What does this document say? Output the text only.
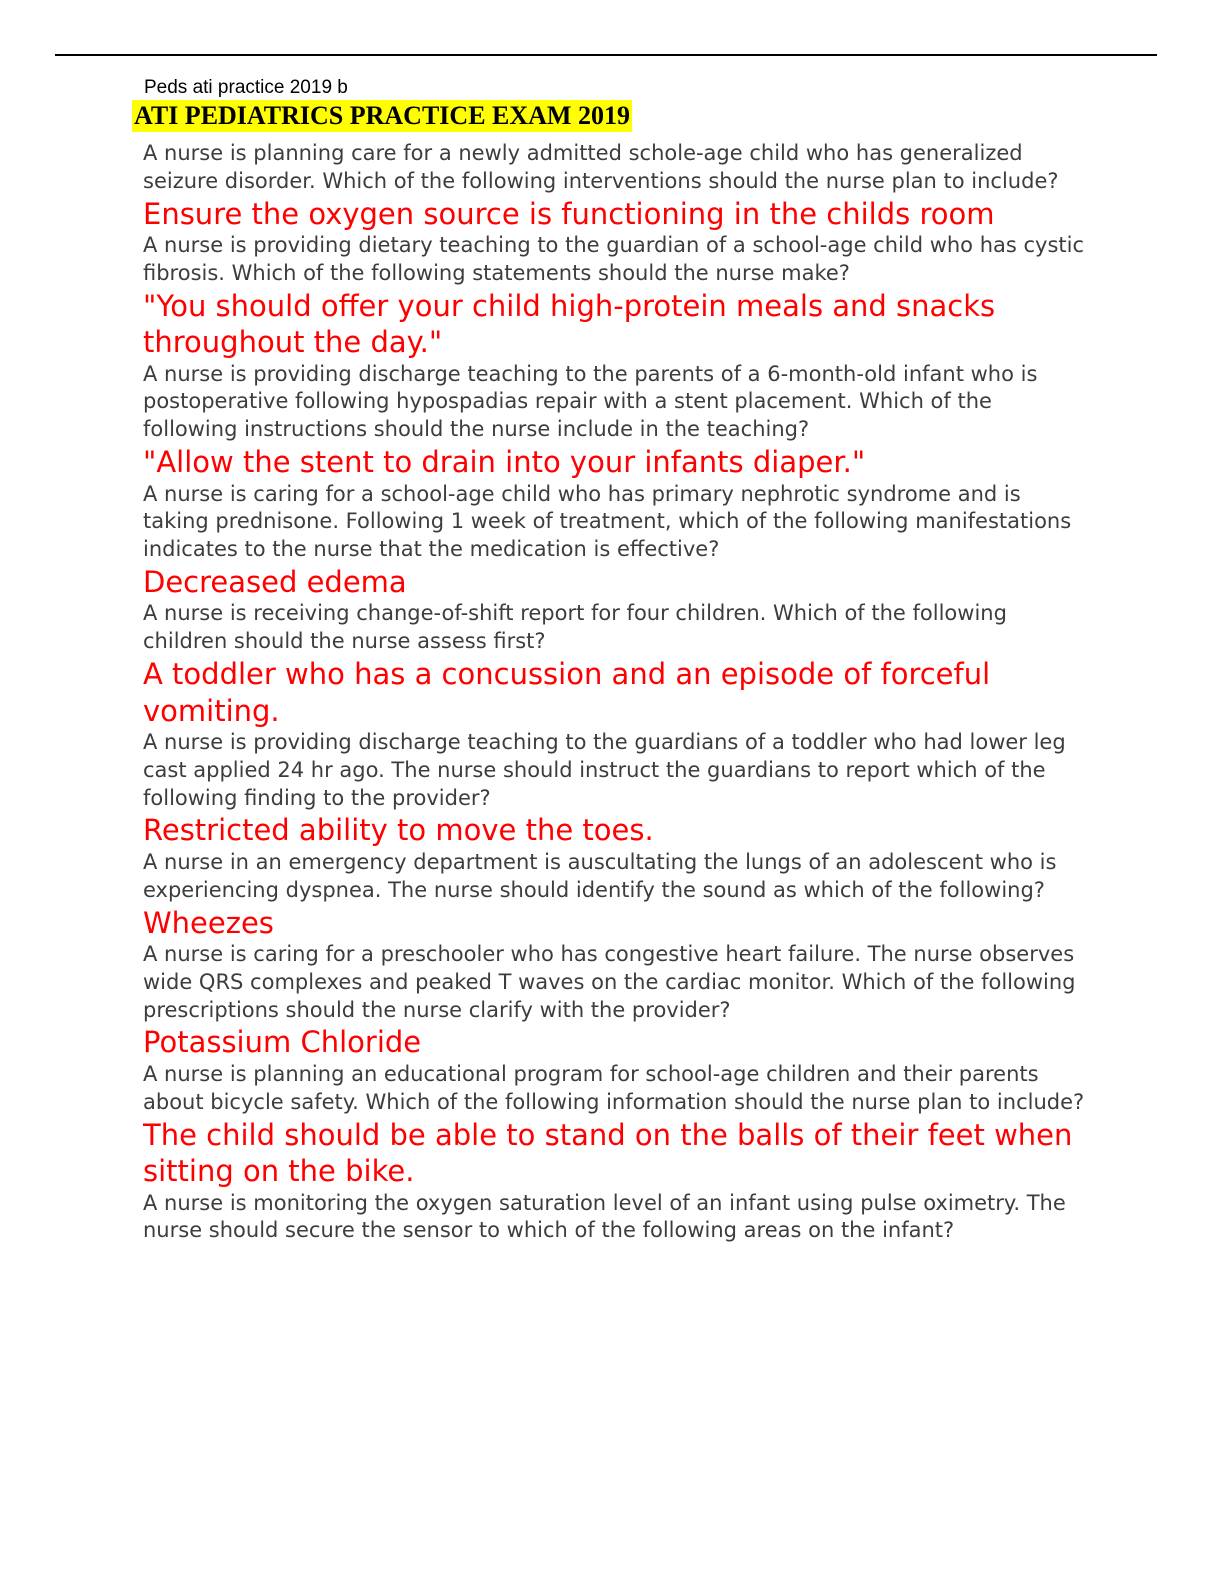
Peds ati practice 2019 b

ATI PEDIATRICS PRACTICE EXAM 2019

A nurse is planning care for a newly admitted schole-age child who has generalized seizure disorder. Which of the following interventions should the nurse plan to include?

Ensure the oxygen source is functioning in the childs room

A nurse is providing dietary teaching to the guardian of a school-age child who has cystic fibrosis. Which of the following statements should the nurse make?

"You should offer your child high-protein meals and snacks throughout the day."

A nurse is providing discharge teaching to the parents of a 6-month-old infant who is postoperative following hypospadias repair with a stent placement. Which of the following instructions should the nurse include in the teaching?

"Allow the stent to drain into your infants diaper."

A nurse is caring for a school-age child who has primary nephrotic syndrome and is taking prednisone. Following 1 week of treatment, which of the following manifestations indicates to the nurse that the medication is effective?

Decreased edema

A nurse is receiving change-of-shift report for four children. Which of the following children should the nurse assess first?

A toddler who has a concussion and an episode of forceful vomiting.

A nurse is providing discharge teaching to the guardians of a toddler who had lower leg cast applied 24 hr ago. The nurse should instruct the guardians to report which of the following finding to the provider?

Restricted ability to move the toes.

A nurse in an emergency department is auscultating the lungs of an adolescent who is experiencing dyspnea. The nurse should identify the sound as which of the following?

Wheezes

A nurse is caring for a preschooler who has congestive heart failure. The nurse observes wide QRS complexes and peaked T waves on the cardiac monitor. Which of the following prescriptions should the nurse clarify with the provider?

Potassium Chloride

A nurse is planning an educational program for school-age children and their parents about bicycle safety. Which of the following information should the nurse plan to include?

The child should be able to stand on the balls of their feet when sitting on the bike.

A nurse is monitoring the oxygen saturation level of an infant using pulse oximetry. The nurse should secure the sensor to which of the following areas on the infant?
